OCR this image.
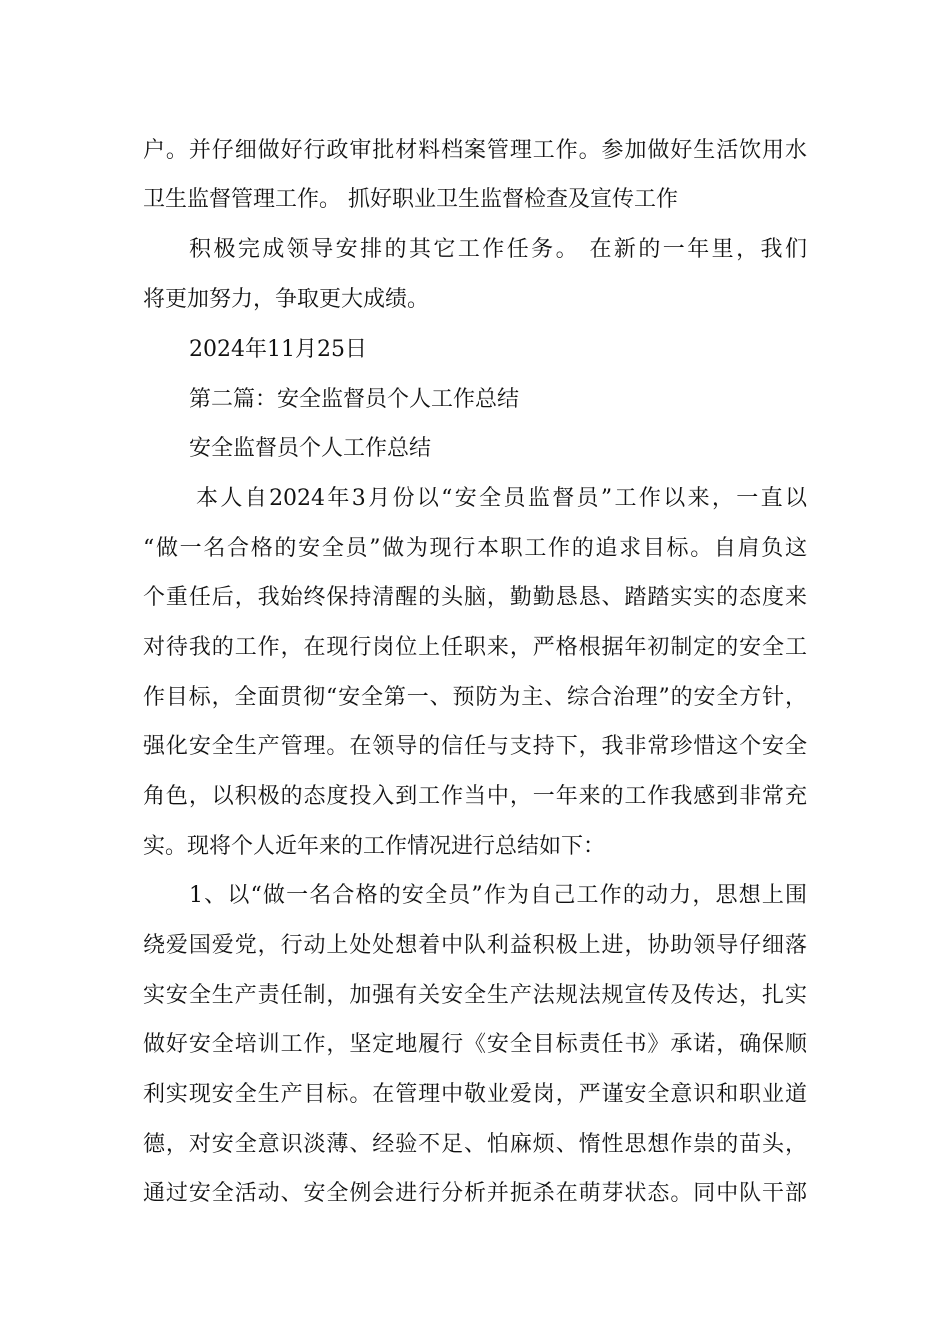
户。并仔细做好行政审批材料档案管理工作。参加做好生活饮用水
卫生监督管理工作。 抓好职业卫生监督检查及宣传工作
积极完成领导安排的其它工作任务。 在新的一年里，我们
将更加努力，争取更大成绩。
2024年11月25日
第二篇：安全监督员个人工作总结
安全监督员个人工作总结
本人自2024年3月份以“安全员监督员”工作以来，一直以
“做一名合格的安全员”做为现行本职工作的追求目标。自肩负这
个重任后，我始终保持清醒的头脑，勤勤恳恳、踏踏实实的态度来
对待我的工作，在现行岗位上任职来，严格根据年初制定的安全工
作目标，全面贯彻“安全第一、预防为主、综合治理”的安全方针，
强化安全生产管理。在领导的信任与支持下，我非常珍惜这个安全
角色，以积极的态度投入到工作当中，一年来的工作我感到非常充
实。现将个人近年来的工作情况进行总结如下：
1、以“做一名合格的安全员”作为自己工作的动力，思想上围
绕爱国爱党，行动上处处想着中队利益积极上进，协助领导仔细落
实安全生产责任制，加强有关安全生产法规法规宣传及传达，扎实
做好安全培训工作，坚定地履行《安全目标责任书》承诺，确保顺
利实现安全生产目标。在管理中敬业爱岗，严谨安全意识和职业道
德，对安全意识淡薄、经验不足、怕麻烦、惰性思想作祟的苗头，
通过安全活动、安全例会进行分析并扼杀在萌芽状态。同中队干部
